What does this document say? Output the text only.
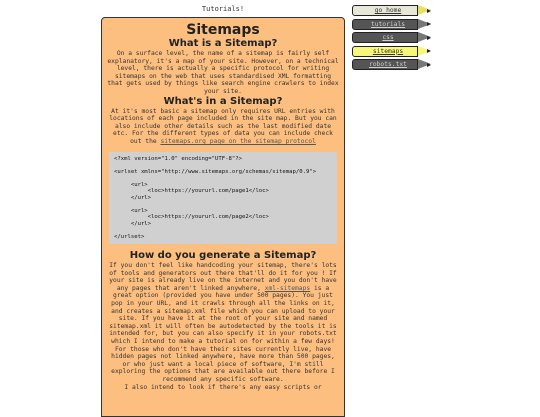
Tutorials!
Sitemaps
What is a Sitemap?

On a surface level, the name of a sitemap is fairly self explanatory, it's a map of your site. However, on a technical level, there is actually a specific protocol for writing sitemaps on the web that uses standardised XML formatting that gets used by things like search engine crawlers to index your site.

What's in a Sitemap?

At it's most basic a sitemap only requires URL entries with locations of each page included in the site map. But you can also include other details such as the last modified date etc. For the different types of data you can include check out the sitemaps.org page on the sitemap protocol

<?xml version="1.0" encoding="UTF-8"?>
<urlset xmlns="http://www.sitemaps.org/schemas/sitemap/0.9">
<url>
<loc>https://yoururl.com/page1</loc>
</url>
<url>
<loc>https://yoururl.com/page2</loc>
</url>
</urlset>
How do you generate a Sitemap?

If you don't feel like handcoding your sitemap, there's lots of tools and generators out there that'll do it for you ! If your site is already live on the internet and you don't have any pages that aren't linked anywhere, xml-sitemaps is a great option (provided you have under 500 pages). You just pop in your URL, and it crawls through all the links on it, and creates a sitemap.xml file which you can upload to your site. If you have it at the root of your site and named sitemap.xml it will often be autodetected by the tools it is intended for, but you can also specify it in your robots.txt which I intend to make a tutorial on for within a few days!

For those who don't have their sites currently live, have hidden pages not linked anywhere, have more than 500 pages, or who just want a local piece of software, I'm still exploring the options that are available out there before I recommend any specific software.

I also intend to look if there's any easy scripts or

go home
tutorials
css
sitemaps
robots.txt
